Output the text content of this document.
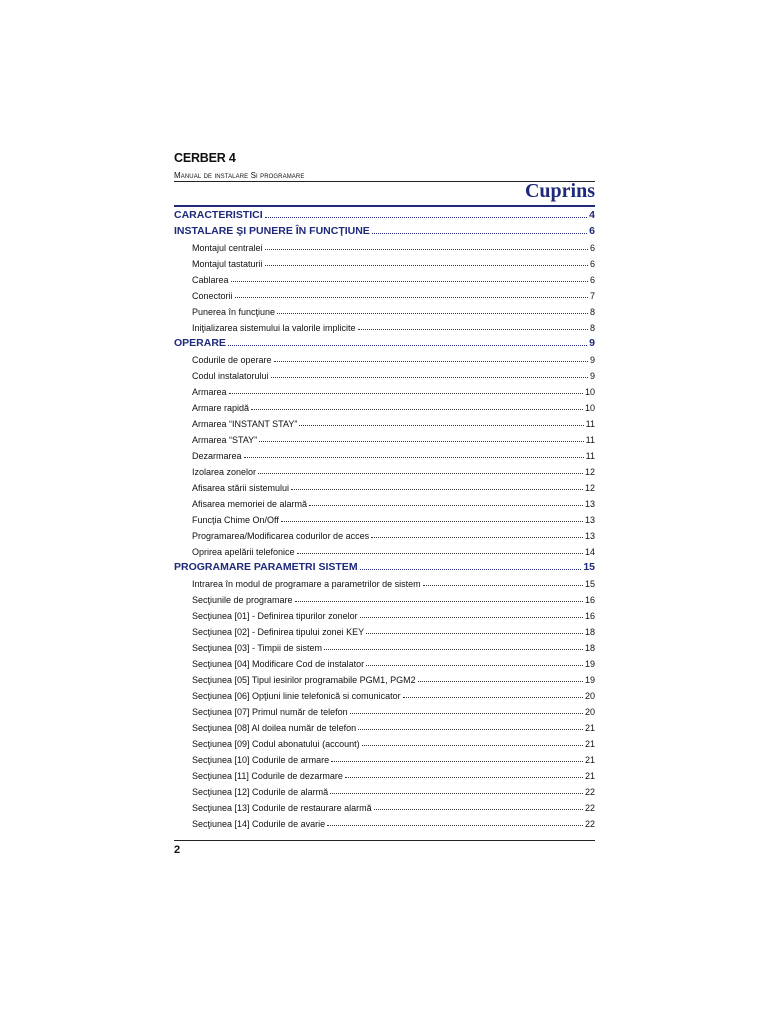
CERBER 4
Manual de instalare Si programare
Cuprins
CARACTERISTICI	4
INSTALARE ŞI PUNERE ÎN FUNCŢIUNE	6
Montajul centralei	6
Montajul tastaturii	6
Cablarea	6
Conectorii	7
Punerea în funcţiune	8
Iniţializarea sistemului la valorile implicite	8
OPERARE	9
Codurile de operare	9
Codul instalatorului	9
Armarea	10
Armare rapidă	10
Armarea “INSTANT STAY”	11
Armarea “STAY”	11
Dezarmarea	11
Izolarea zonelor	12
Afisarea stării sistemului	12
Afisarea memoriei de alarmă	13
Funcţia Chime On/Off	13
Programarea/Modificarea codurilor de acces	13
Oprirea apelării telefonice	14
PROGRAMARE PARAMETRI SISTEM	15
Intrarea în modul de programare a parametrilor de sistem	15
Secţiunile de programare	16
Secţiunea [01] - Definirea tipurilor zonelor	16
Secţiunea [02] - Definirea tipului zonei KEY	18
Secţiunea [03] - Timpii de sistem	18
Secţiunea [04] Modificare Cod de instalator	19
Secţiunea [05] Tipul iesirilor programabile PGM1, PGM2	19
Secţiunea [06] Opţiuni linie telefonică si comunicator	20
Secţiunea [07] Primul număr de telefon	20
Secţiunea [08] Al doilea număr de telefon	21
Secţiunea [09] Codul abonatului (account)	21
Secţiunea [10] Codurile de armare	21
Secţiunea [11] Codurile de dezarmare	21
Secţiunea [12] Codurile de alarmă	22
Secţiunea [13] Codurile de restaurare alarmă	22
Secţiunea [14] Codurile de avarie	22
2
